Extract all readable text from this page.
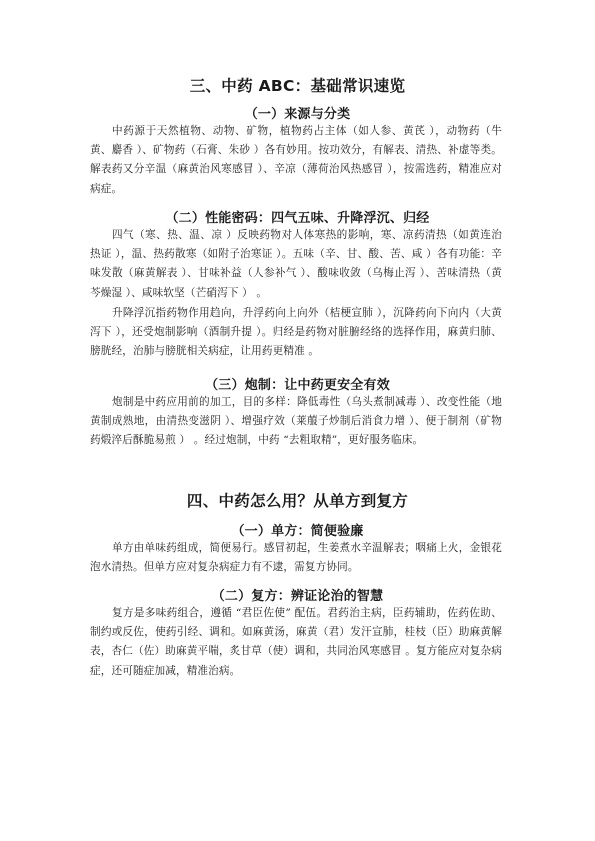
三、中药 ABC：基础常识速览
（一）来源与分类

中药源于天然植物、动物、矿物，植物药占主体（如人参、黄芪 ），动物药（牛黄、麝香 ）、矿物药（石膏、朱砂 ）各有妙用。按功效分，有解表、清热、补虚等类。解表药又分辛温（麻黄治风寒感冒 ）、辛凉（薄荷治风热感冒 ），按需选药，精准应对病症。

（二）性能密码：四气五味、升降浮沉、归经

四气（寒、热、温、凉 ）反映药物对人体寒热的影响，寒、凉药清热（如黄连治热证 ），温、热药散寒（如附子治寒证 ）。五味（辛、甘、酸、苦、咸 ）各有功能：辛味发散（麻黄解表 ）、甘味补益（人参补气 ）、酸味收敛（乌梅止泻 ）、苦味清热（黄芩燥湿 ）、咸味软坚（芒硝泻下 ） 。

升降浮沉指药物作用趋向，升浮药向上向外（桔梗宣肺 ），沉降药向下向内（大黄泻下 ），还受炮制影响（酒制升提 ）。归经是药物对脏腑经络的选择作用，麻黄归肺、膀胱经，治肺与膀胱相关病症，让用药更精准 。

（三）炮制：让中药更安全有效

炮制是中药应用前的加工，目的多样：降低毒性（乌头煮制减毒 ）、改变性能（地黄制成熟地，由清热变滋阴 ）、增强疗效（莱菔子炒制后消食力增 ）、便于制剂（矿物药煅淬后酥脆易煎 ） 。经过炮制，中药 “去粗取精”，更好服务临床。

四、中药怎么用？从单方到复方
（一）单方：简便验廉

单方由单味药组成，简便易行。感冒初起，生姜煮水辛温解表；咽痛上火，金银花泡水清热。但单方应对复杂病症力有不逮，需复方协同。

（二）复方：辨证论治的智慧

复方是多味药组合，遵循 “君臣佐使” 配伍。君药治主病，臣药辅助，佐药佐助、制约或反佐，使药引经、调和。如麻黄汤，麻黄（君）发汗宣肺，桂枝（臣）助麻黄解表，杏仁（佐）助麻黄平喘，炙甘草（使）调和，共同治风寒感冒 。复方能应对复杂病症，还可随症加减，精准治病。
